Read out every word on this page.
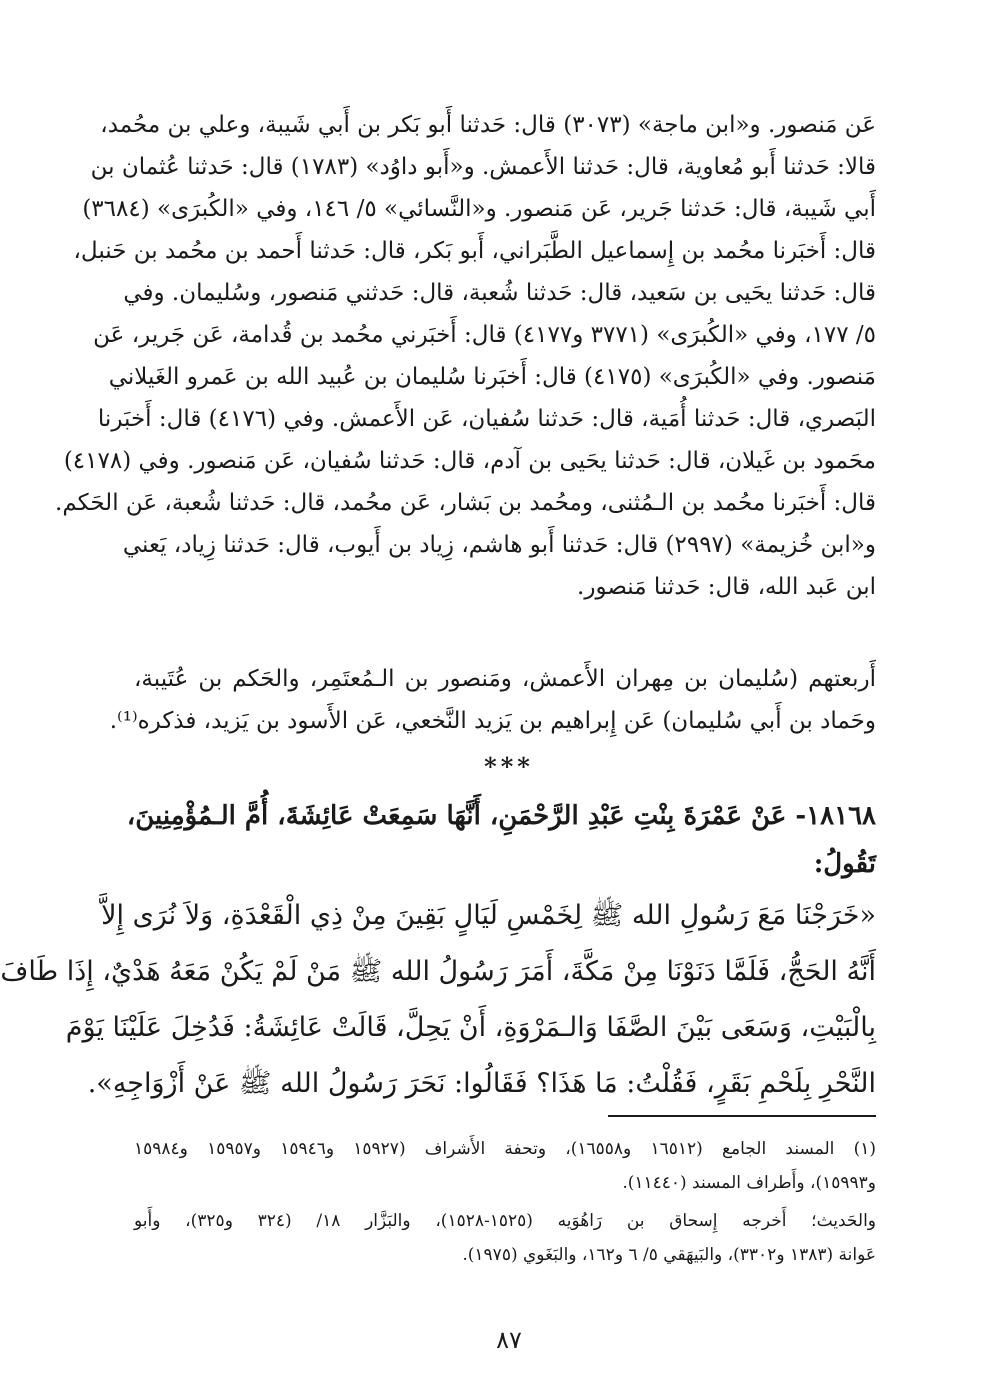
عَن مَنصور. و«ابن ماجة» (٣٠٧٣) قال: حَدثنا أَبو بَكر بن أَبي شَيبة، وعلي بن محُمد،
قالا: حَدثنا أَبو مُعاوية، قال: حَدثنا الأَعمش. و«أَبو داوُد» (١٧٨٣) قال: حَدثنا عُثمان بن
أَبي شَيبة، قال: حَدثنا جَرير، عَن مَنصور. و«النَّسائي» ٥/ ١٤٦، وفي «الكُبرَى» (٣٦٨٤)
قال: أَخبَرنا محُمد بن إِسماعيل الطَّبَراني، أَبو بَكر، قال: حَدثنا أَحمد بن محُمد بن حَنبل،
قال: حَدثنا يحَيى بن سَعيد، قال: حَدثنا شُعبة، قال: حَدثني مَنصور، وسُليمان. وفي
٥/ ١٧٧، وفي «الكُبرَى» (٣٧٧١ و٤١٧٧) قال: أَخبَرني محُمد بن قُدامة، عَن جَرير، عَن
مَنصور. وفي «الكُبرَى» (٤١٧٥) قال: أَخبَرنا سُليمان بن عُبيد الله بن عَمرو الغَيلاني
البَصري، قال: حَدثنا أُمَية، قال: حَدثنا سُفيان، عَن الأَعمش. وفي (٤١٧٦) قال: أَخبَرنا
محَمود بن غَيلان، قال: حَدثنا يحَيى بن آدم، قال: حَدثنا سُفيان، عَن مَنصور. وفي (٤١٧٨)
قال: أَخبَرنا محُمد بن الـمُثنى، ومحُمد بن بَشار، عَن محُمد، قال: حَدثنا شُعبة، عَن الحَكم.
و«ابن خُزيمة» (٢٩٩٧) قال: حَدثنا أَبو هاشم، زِياد بن أَيوب، قال: حَدثنا زِياد، يَعني
ابن عَبد الله، قال: حَدثنا مَنصور.
أَربعتهم (سُليمان بن مِهران الأَعمش، ومَنصور بن الـمُعتَمِر، والحَكم بن عُتَيبة،
وحَماد بن أَبي سُليمان) عَن إِبراهيم بن يَزيد النَّخعي، عَن الأَسود بن يَزيد، فذكره⁽¹⁾.
***
١٨١٦٨- عَنْ عَمْرَةَ بِنْتِ عَبْدِ الرَّحْمَنِ، أَنَّهَا سَمِعَتْ عَائِشَةَ، أُمَّ الـمُؤْمِنِينَ،
تَقُولُ:
«خَرَجْنَا مَعَ رَسُولِ الله ﷺ لِخَمْسِ لَيَالٍ بَقِينَ مِنْ ذِي الْقَعْدَةِ، وَلاَ نُرَى إِلاَّ
أَنَّهُ الحَجُّ، فَلَمَّا دَنَوْنَا مِنْ مَكَّةَ، أَمَرَ رَسُولُ الله ﷺ مَنْ لَمْ يَكُنْ مَعَهُ هَدْيٌ، إِذَا طَافَ
بِالْبَيْتِ، وَسَعَى بَيْنَ الصَّفَا وَالـمَرْوَةِ، أَنْ يَحِلَّ، قَالَتْ عَائِشَةُ: فَدُخِلَ عَلَيْنَا يَوْمَ
النَّحْرِ بِلَحْمِ بَقَرٍ، فَقُلْتُ: مَا هَذَا؟ فَقَالُوا: نَحَرَ رَسُولُ الله ﷺ عَنْ أَزْوَاجِهِ».
(١) المسند الجامع (١٦٥١٢ و١٦٥٥٨)، وتحفة الأَشراف (١٥٩٢٧ و١٥٩٤٦ و١٥٩٥٧ و١٥٩٨٤
و١٥٩٩٣)، وأَطراف المسند (١١٤٤٠).
والحَديث؛ أَخرجه إِسحاق بن رَاهُوَيه (١٥٢٥-١٥٢٨)، والبَزَّار ١٨/ (٣٢٤ و٣٢٥)، وأَبو
عَوانة (١٣٨٣ و٣٣٠٢)، والبَيهَقي ٥/ ٦ و١٦٢، والبَغَوي (١٩٧٥).
٨٧
